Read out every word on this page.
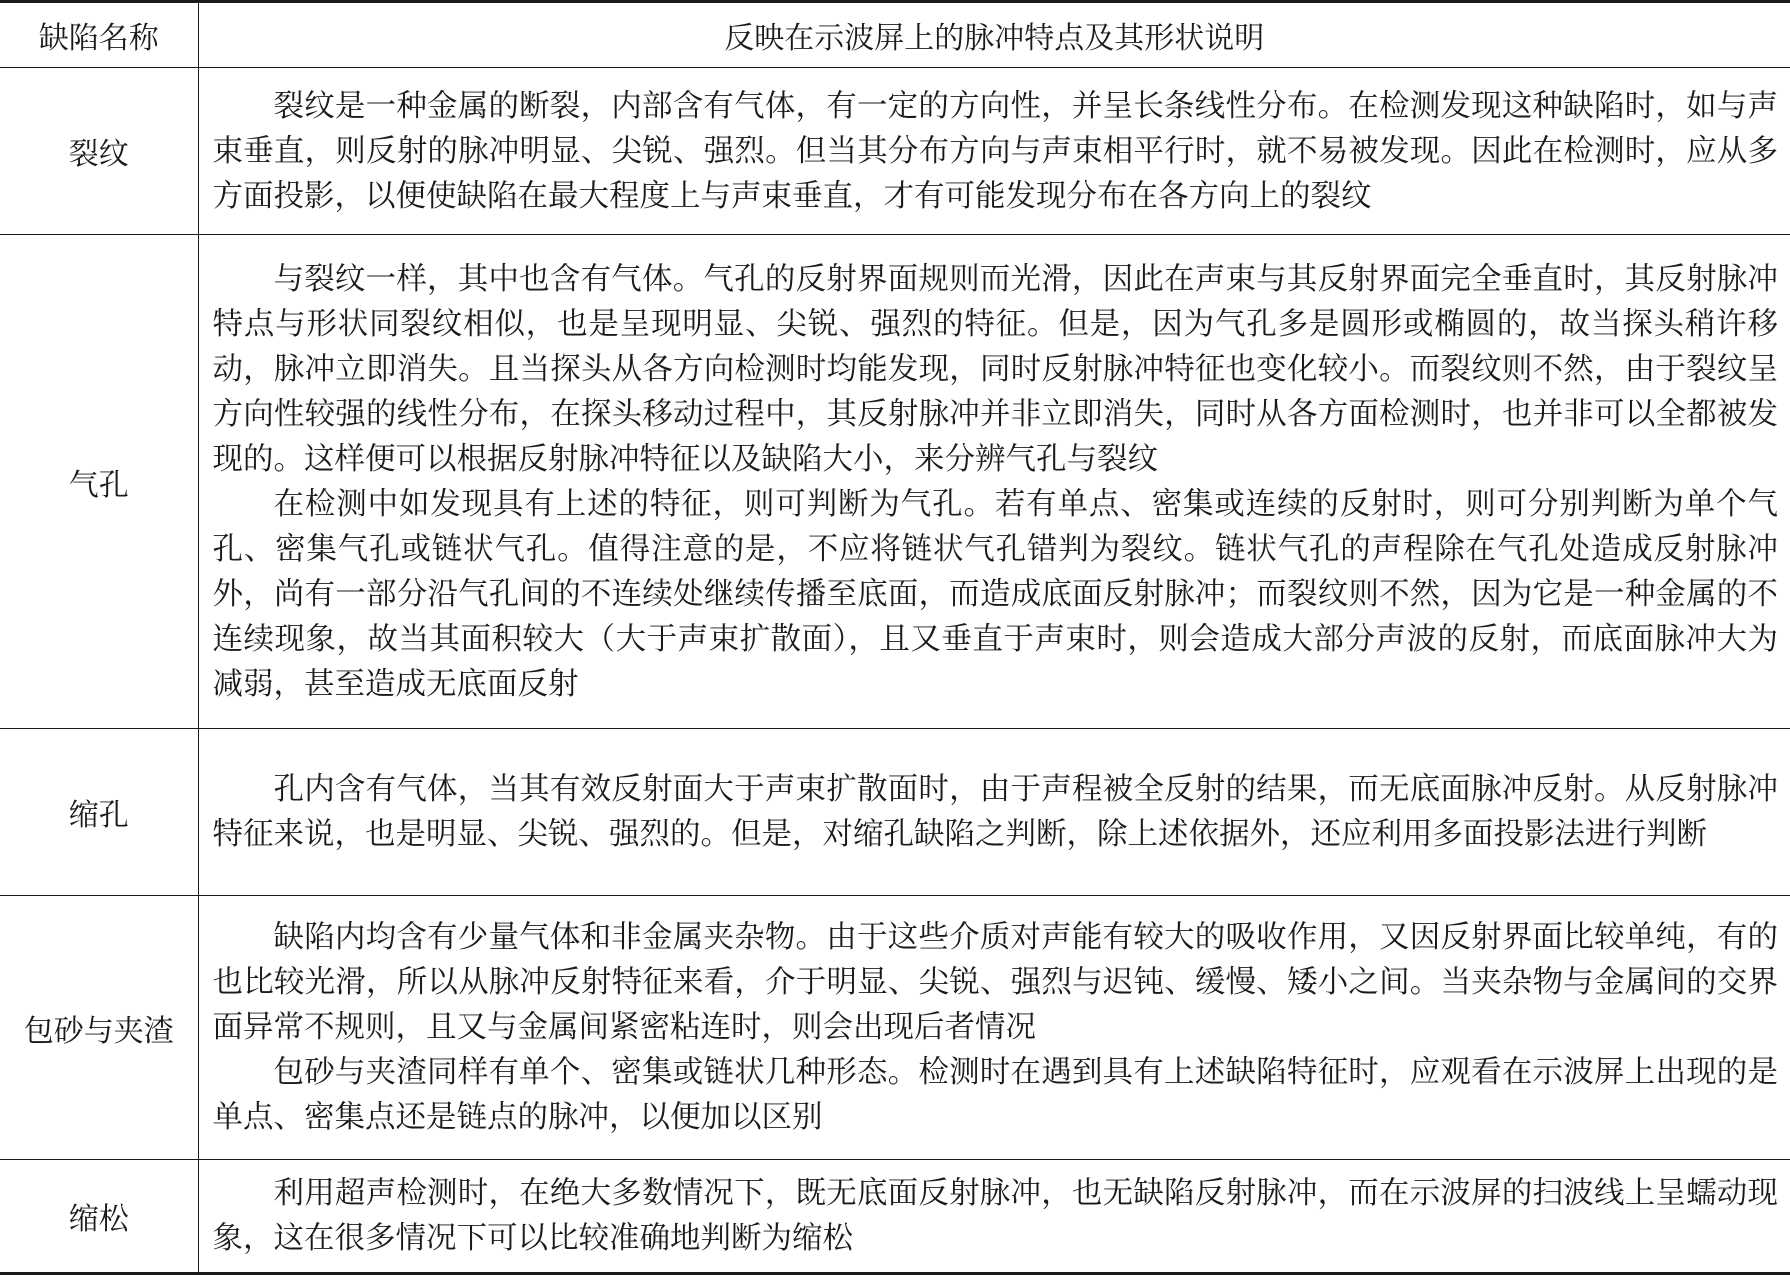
缺陷名称	反映在示波屏上的脉冲特点及其形状说明
裂纹	裂纹是一种金属的断裂，内部含有气体，有一定的方向性，并呈长条线性分布。在检测发现这种缺陷时，如与声束垂直，则反射的脉冲明显、尖锐、强烈。但当其分布方向与声束相平行时，就不易被发现。因此在检测时，应从多方面投影，以便使缺陷在最大程度上与声束垂直，才有可能发现分布在各方向上的裂纹

气孔	与裂纹一样，其中也含有气体。气孔的反射界面规则而光滑，因此在声束与其反射界面完全垂直时，其反射脉冲特点与形状同裂纹相似，也是呈现明显、尖锐、强烈的特征。但是，因为气孔多是圆形或椭圆的，故当探头稍许移动，脉冲立即消失。且当探头从各方向检测时均能发现，同时反射脉冲特征也变化较小。而裂纹则不然，由于裂纹呈方向性较强的线性分布，在探头移动过程中，其反射脉冲并非立即消失，同时从各方面检测时，也并非可以全都被发现的。这样便可以根据反射脉冲特征以及缺陷大小，来分辨气孔与裂纹

在检测中如发现具有上述的特征，则可判断为气孔。若有单点、密集或连续的反射时，则可分别判断为单个气孔、密集气孔或链状气孔。值得注意的是，不应将链状气孔错判为裂纹。链状气孔的声程除在气孔处造成反射脉冲外，尚有一部分沿气孔间的不连续处继续传播至底面，而造成底面反射脉冲；而裂纹则不然，因为它是一种金属的不连续现象，故当其面积较大（大于声束扩散面），且又垂直于声束时，则会造成大部分声波的反射，而底面脉冲大为减弱，甚至造成无底面反射

缩孔	孔内含有气体，当其有效反射面大于声束扩散面时，由于声程被全反射的结果，而无底面脉冲反射。从反射脉冲特征来说，也是明显、尖锐、强烈的。但是，对缩孔缺陷之判断，除上述依据外，还应利用多面投影法进行判断

包砂与夹渣	缺陷内均含有少量气体和非金属夹杂物。由于这些介质对声能有较大的吸收作用，又因反射界面比较单纯，有的也比较光滑，所以从脉冲反射特征来看，介于明显、尖锐、强烈与迟钝、缓慢、矮小之间。当夹杂物与金属间的交界面异常不规则，且又与金属间紧密粘连时，则会出现后者情况

包砂与夹渣同样有单个、密集或链状几种形态。检测时在遇到具有上述缺陷特征时，应观看在示波屏上出现的是单点、密集点还是链点的脉冲，以便加以区别

缩松	利用超声检测时，在绝大多数情况下，既无底面反射脉冲，也无缺陷反射脉冲，而在示波屏的扫波线上呈蠕动现象，这在很多情况下可以比较准确地判断为缩松
